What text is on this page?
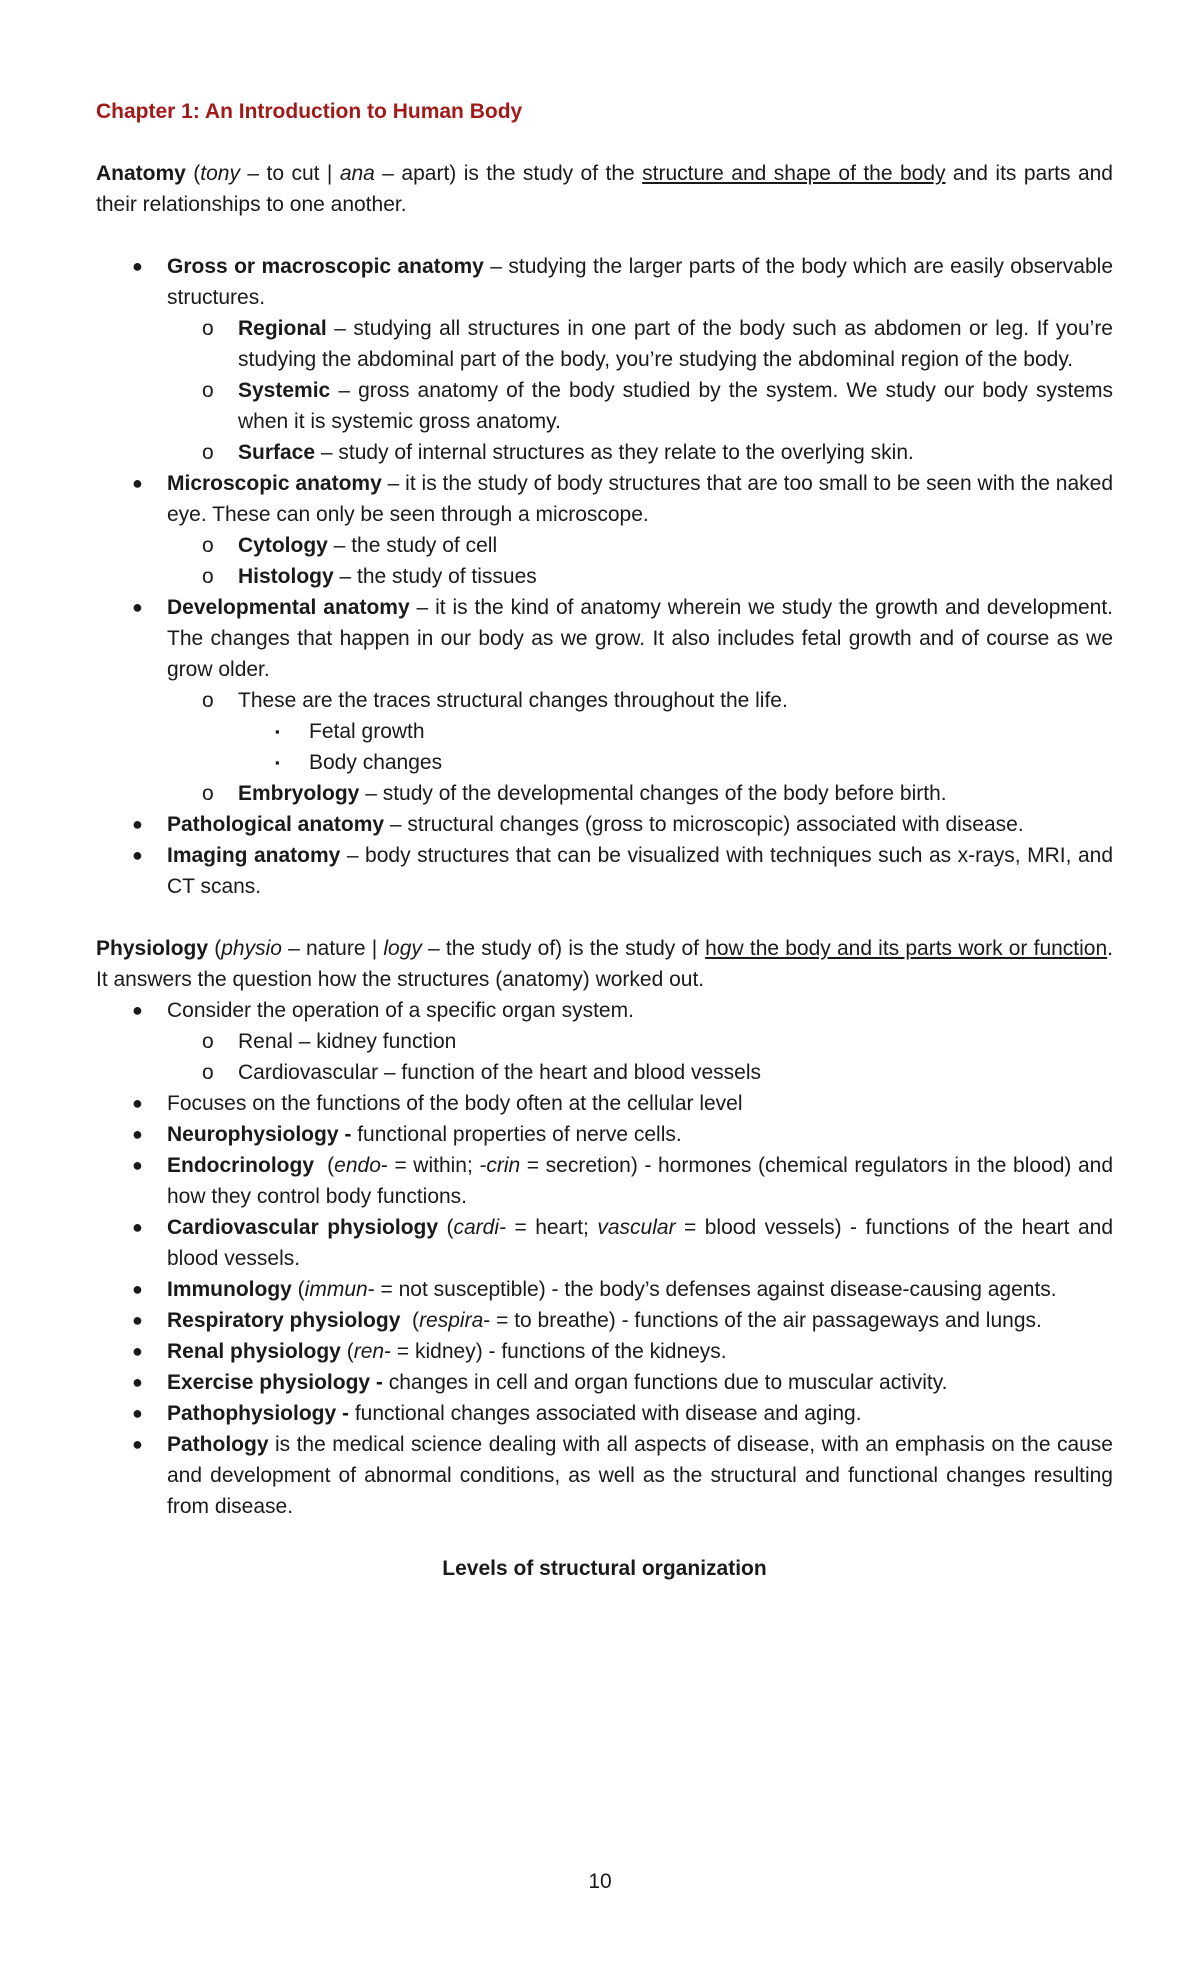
Chapter 1: An Introduction to Human Body

Anatomy (tony – to cut | ana – apart) is the study of the structure and shape of the body and its parts and their relationships to one another.

●	Gross or macroscopic anatomy – studying the larger parts of the body which are easily observable structures.
o	Regional – studying all structures in one part of the body such as abdomen or leg. If you’re studying the abdominal part of the body, you’re studying the abdominal region of the body.
o	Systemic – gross anatomy of the body studied by the system. We study our body systems when it is systemic gross anatomy.
o	Surface – study of internal structures as they relate to the overlying skin.
●	Microscopic anatomy – it is the study of body structures that are too small to be seen with the naked eye. These can only be seen through a microscope.
o	Cytology – the study of cell
o	Histology – the study of tissues
●	Developmental anatomy – it is the kind of anatomy wherein we study the growth and development. The changes that happen in our body as we grow. It also includes fetal growth and of course as we grow older.
o	These are the traces structural changes throughout the life.
▪	Fetal growth
▪	Body changes
o	Embryology – study of the developmental changes of the body before birth.
●	Pathological anatomy – structural changes (gross to microscopic) associated with disease.
●	Imaging anatomy – body structures that can be visualized with techniques such as x-rays, MRI, and CT scans.

Physiology (physio – nature | logy – the study of) is the study of how the body and its parts work or function. It answers the question how the structures (anatomy) worked out.

●	Consider the operation of a specific organ system.
o	Renal – kidney function
o	Cardiovascular – function of the heart and blood vessels
●	Focuses on the functions of the body often at the cellular level
●	Neurophysiology - functional properties of nerve cells.
●	Endocrinology  (endo- = within; -crin = secretion) - hormones (chemical regulators in the blood) and how they control body functions.
●	Cardiovascular physiology (cardi- = heart; vascular = blood vessels) - functions of the heart and blood vessels.
●	Immunology (immun- = not susceptible) - the body’s defenses against disease-causing agents.
●	Respiratory physiology  (respira- = to breathe) - functions of the air passageways and lungs.
●	Renal physiology (ren- = kidney) - functions of the kidneys.
●	Exercise physiology - changes in cell and organ functions due to muscular activity.
●	Pathophysiology - functional changes associated with disease and aging.
●	Pathology is the medical science dealing with all aspects of disease, with an emphasis on the cause and development of abnormal conditions, as well as the structural and functional changes resulting from disease.

Levels of structural organization

10
